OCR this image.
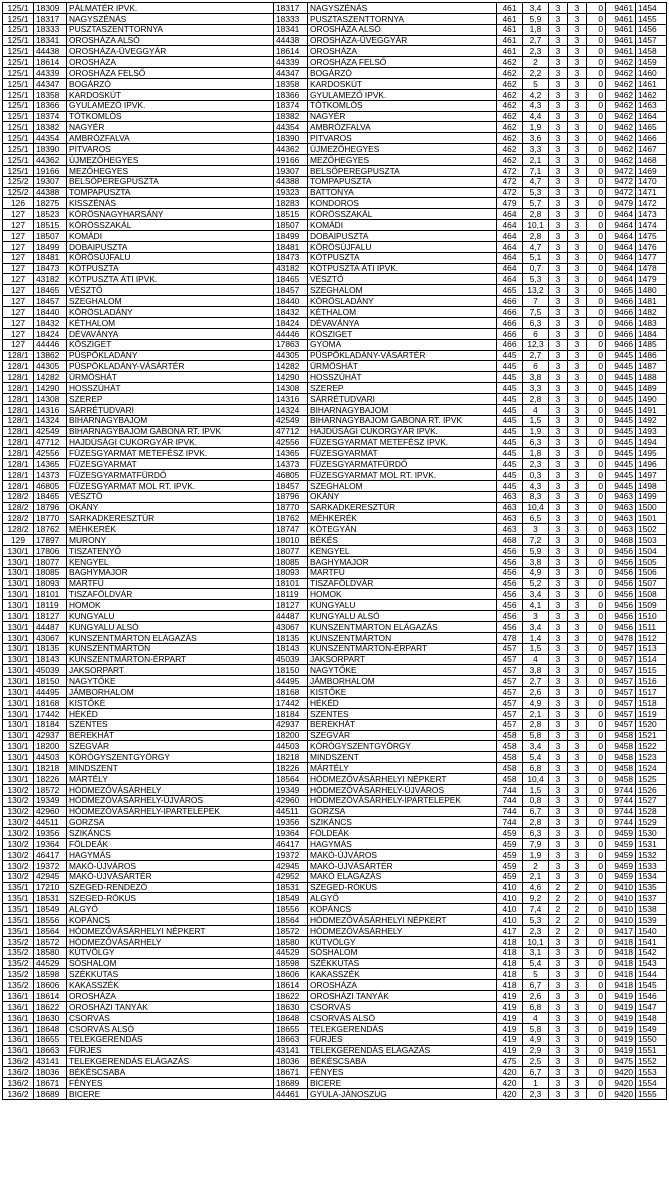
125/1	18309	PÁLMATÉR IPVK.	18317	NAGYSZÉNÁS	461	3,4	3	3	0	9461	1454
125/1	18317	NAGYSZÉNÁS	18333	PUSZTASZENTTORNYA	461	5,9	3	3	0	9461	1455
125/1	18333	PUSZTASZENTTORNYA	18341	OROSHÁZA ALSÓ	461	1,8	3	3	0	9461	1456
125/1	18341	OROSHÁZA ALSÓ	44438	OROSHÁZA-ÜVEGGYÁR	461	2,7	3	3	0	9461	1457
125/1	44438	OROSHÁZA-ÜVEGGYÁR	18614	OROSHÁZA	461	2,3	3	3	0	9461	1458
125/1	18614	OROSHÁZA	44339	OROSHÁZA FELSŐ	462	2	3	3	0	9462	1459
125/1	44339	OROSHÁZA FELSŐ	44347	BOGÁRZÓ	462	2,2	3	3	0	9462	1460
125/1	44347	BOGÁRZÓ	18358	KARDOSKÚT	462	5	3	3	0	9462	1461
125/1	18358	KARDOSKÚT	18366	GYULAMEZŐ IPVK.	462	4,2	3	3	0	9462	1462
125/1	18366	GYULAMEZŐ IPVK.	18374	TÓTKOMLÓS	462	4,3	3	3	0	9462	1463
125/1	18374	TÓTKOMLÓS	18382	NAGYÉR	462	4,4	3	3	0	9462	1464
125/1	18382	NAGYÉR	44354	AMBRÓZFALVA	462	1,9	3	3	0	9462	1465
125/1	44354	AMBRÓZFALVA	18390	PITVAROS	462	3,6	3	3	0	9462	1466
125/1	18390	PITVAROS	44362	ÚJMEZŐHEGYES	462	3,3	3	3	0	9462	1467
125/1	44362	ÚJMEZŐHEGYES	19166	MEZŐHEGYES	462	2,1	3	3	0	9462	1468
125/1	19166	MEZŐHEGYES	19307	BELSŐPEREGPUSZTA	472	7,1	3	3	0	9472	1469
125/2	19307	BELSŐPEREGPUSZTA	44388	TOMPAPUSZTA	472	4,7	3	3	0	9472	1470
125/2	44388	TOMPAPUSZTA	19323	BATTONYA	472	5,3	3	3	0	9472	1471
126	18275	KISSZÉNÁS	18283	KONDOROS	479	5,7	3	3	0	9479	1472
127	18523	KÖRÖSNAGYHARSÁNY	18515	KÖRÖSSZAKÁL	464	2,8	3	3	0	9464	1473
127	18515	KÖRÖSSZAKÁL	18507	KOMÁDI	464	10,1	3	3	0	9464	1474
127	18507	KOMÁDI	18499	DOBAIPUSZTA	464	2,8	3	3	0	9464	1475
127	18499	DOBAIPUSZTA	18481	KÖRÖSÚJFALU	464	4,7	3	3	0	9464	1476
127	18481	KÖRÖSÚJFALU	18473	KÓTPUSZTA	464	5,1	3	3	0	9464	1477
127	18473	KÓTPUSZTA	43182	KÓTPUSZTA ÁTI IPVK.	464	0,7	3	3	0	9464	1478
127	43182	KÓTPUSZTA ÁTI IPVK.	18465	VÉSZTŐ	464	5,3	3	3	0	9464	1479
127	18465	VÉSZTŐ	18457	SZEGHALOM	465	13,2	3	3	0	9465	1480
127	18457	SZEGHALOM	18440	KÖRÖSLADÁNY	466	7	3	3	0	9466	1481
127	18440	KÖRÖSLADÁNY	18432	KÉTHALOM	466	7,5	3	3	0	9466	1482
127	18432	KÉTHALOM	18424	DÉVAVÁNYA	466	6,3	3	3	0	9466	1483
127	18424	DÉVAVÁNYA	44446	KÖSZIGET	466	6	3	3	0	9466	1484
127	44446	KÖSZIGET	17863	GYOMA	466	12,3	3	3	0	9466	1485
128/1	13862	PÜSPÖKLADÁNY	44305	PÜSPÖKLADÁNY-VÁSÁRTÉR	445	2,7	3	3	0	9445	1486
128/1	44305	PÜSPÖKLADÁNY-VÁSÁRTÉR	14282	ÜRMÖSHÁT	445	6	3	3	0	9445	1487
128/1	14282	ÜRMÖSHÁT	14290	HOSSZÚHÁT	445	3,8	3	3	0	9445	1488
128/1	14290	HOSSZÚHÁT	14308	SZEREP	445	3,3	3	3	0	9445	1489
128/1	14308	SZEREP	14316	SÁRRÉTUDVARI	445	2,8	3	3	0	9445	1490
128/1	14316	SÁRRÉTUDVARI	14324	BIHARNAGYBAJOM	445	4	3	3	0	9445	1491
128/1	14324	BIHARNAGYBAJOM	42549	BIHARNAGYBAJOM GABONA RT. IPVK	445	1,5	3	3	0	9445	1492
128/1	42549	BIHARNAGYBAJOM GABONA RT. IPVK	47712	HAJDÚSÁGI CUKORGYÁR IPVK.	445	1,9	3	3	0	9445	1493
128/1	47712	HAJDÚSÁGI CUKORGYÁR IPVK.	42556	FÜZESGYARMAT METEFÉSZ IPVK.	445	6,3	3	3	0	9445	1494
128/1	42556	FÜZESGYARMAT METEFÉSZ IPVK.	14365	FÜZESGYARMAT	445	1,8	3	3	0	9445	1495
128/1	14365	FÜZESGYARMAT	14373	FÜZESGYARMATFÜRDŐ	445	2,3	3	3	0	9445	1496
128/1	14373	FÜZESGYARMATFÜRDŐ	46805	FÜZESGYARMAT MOL RT. IPVK.	445	0,3	3	3	0	9445	1497
128/1	46805	FÜZESGYARMAT MOL RT. IPVK.	18457	SZEGHALOM	445	4,3	3	3	0	9445	1498
128/2	18465	VÉSZTŐ	18796	OKÁNY	463	8,3	3	3	0	9463	1499
128/2	18796	OKÁNY	18770	SARKADKERESZTÚR	463	10,4	3	3	0	9463	1500
128/2	18770	SARKADKERESZTÚR	18762	MÉHKERÉK	463	6,5	3	3	0	9463	1501
128/2	18762	MÉHKERÉK	18747	KÖTEGYÁN	463	3	3	3	0	9463	1502
129	17897	MURONY	18010	BÉKÉS	468	7,2	3	3	0	9468	1503
130/1	17806	TISZATENYŐ	18077	KENGYEL	456	5,9	3	3	0	9456	1504
130/1	18077	KENGYEL	18085	BAGHYMAJOR	456	3,8	3	3	0	9456	1505
130/1	18085	BAGHYMAJOR	18093	MARTFŰ	456	4,9	3	3	0	9456	1506
130/1	18093	MARTFŰ	18101	TISZAFÖLDVÁR	456	5,2	3	3	0	9456	1507
130/1	18101	TISZAFÖLDVÁR	18119	HOMOK	456	3,4	3	3	0	9456	1508
130/1	18119	HOMOK	18127	KUNGYALU	456	4,1	3	3	0	9456	1509
130/1	18127	KUNGYALU	44487	KUNGYALU ALSÓ	456	3	3	3	0	9456	1510
130/1	44487	KUNGYALU ALSÓ	43067	KUNSZENTMÁRTON ELÁGAZÁS	456	3,4	3	3	0	9456	1511
130/1	43067	KUNSZENTMÁRTON ELÁGAZÁS	18135	KUNSZENTMÁRTON	478	1,4	3	3	0	9478	1512
130/1	18135	KUNSZENTMÁRTON	18143	KUNSZENTMÁRTON-ÉRPART	457	1,5	3	3	0	9457	1513
130/1	18143	KUNSZENTMÁRTON-ÉRPART	45039	JAKSORPART	457	4	3	3	0	9457	1514
130/1	45039	JAKSORPART	18150	NAGYTŐKE	457	3,8	3	3	0	9457	1515
130/1	18150	NAGYTŐKE	44495	JÁMBORHALOM	457	2,7	3	3	0	9457	1516
130/1	44495	JÁMBORHALOM	18168	KISTŐKE	457	2,6	3	3	0	9457	1517
130/1	18168	KISTŐKE	17442	HÉKÉD	457	4,9	3	3	0	9457	1518
130/1	17442	HÉKÉD	18184	SZENTES	457	2,1	3	3	0	9457	1519
130/1	18184	SZENTES	42937	BEREKHÁT	457	2,8	3	3	0	9457	1520
130/1	42937	BEREKHÁT	18200	SZEGVÁR	458	5,8	3	3	0	9458	1521
130/1	18200	SZEGVÁR	44503	KÓRÓGYSZENTGYÖRGY	458	3,4	3	3	0	9458	1522
130/1	44503	KÓRÓGYSZENTGYÖRGY	18218	MINDSZENT	458	5,4	3	3	0	9458	1523
130/1	18218	MINDSZENT	18226	MÁRTÉLY	458	6,8	3	3	0	9458	1524
130/1	18226	MÁRTÉLY	18564	HÓDMEZŐVÁSÁRHELYI NÉPKERT	458	10,4	3	3	0	9458	1525
130/2	18572	HÓDMEZŐVÁSÁRHELY	19349	HÓDMEZŐVÁSÁRHELY-ÚJVÁROS	744	1,5	3	3	0	9744	1526
130/2	19349	HÓDMEZŐVÁSÁRHELY-ÚJVÁROS	42960	HÓDMEZŐVÁSÁRHELY-IPARTELEPEK	744	0,8	3	3	0	9744	1527
130/2	42960	HÓDMEZŐVÁSÁRHELY-IPARTELEPEK	44511	GORZSA	744	6,7	3	3	0	9744	1528
130/2	44511	GORZSA	19356	SZIKÁNCS	744	2,8	3	3	0	9744	1529
130/2	19356	SZIKÁNCS	19364	FÖLDEÁK	459	6,3	3	3	0	9459	1530
130/2	19364	FÖLDEÁK	46417	HAGYMÁS	459	7,9	3	3	0	9459	1531
130/2	46417	HAGYMÁS	19372	MAKÓ-ÚJVÁROS	459	1,9	3	3	0	9459	1532
130/2	19372	MAKÓ-ÚJVÁROS	42945	MAKÓ-ÚJVÁSÁRTÉR	459	2	3	3	0	9459	1533
130/2	42945	MAKÓ-ÚJVÁSÁRTÉR	42952	MAKÓ ELÁGAZÁS	459	2,1	3	3	0	9459	1534
135/1	17210	SZEGED-RENDEZŐ	18531	SZEGED-RÓKUS	410	4,6	2	2	0	9410	1535
135/1	18531	SZEGED-RÓKUS	18549	ALGYŐ	410	9,2	2	2	0	9410	1537
135/1	18549	ALGYŐ	18556	KOPÁNCS	410	7,4	2	2	0	9410	1538
135/1	18556	KOPÁNCS	18564	HÓDMEZŐVÁSÁRHELYI NÉPKERT	410	5,3	2	2	0	9410	1539
135/1	18564	HÓDMEZŐVÁSÁRHELYI NÉPKERT	18572	HÓDMEZŐVÁSÁRHELY	417	2,3	2	2	0	9417	1540
135/2	18572	HÓDMEZŐVÁSÁRHELY	18580	KÚTVÖLGY	418	10,1	3	3	0	9418	1541
135/2	18580	KÚTVÖLGY	44529	SÓSHALOM	418	3,1	3	3	0	9418	1542
135/2	44529	SÓSHALOM	18598	SZÉKKUTAS	418	5,4	3	3	0	9418	1543
135/2	18598	SZÉKKUTAS	18606	KAKASSZÉK	418	5	3	3	0	9418	1544
135/2	18606	KAKASSZÉK	18614	OROSHÁZA	418	6,7	3	3	0	9418	1545
136/1	18614	OROSHÁZA	18622	OROSHÁZI TANYÁK	419	2,6	3	3	0	9419	1546
136/1	18622	OROSHÁZI TANYÁK	18630	CSORVÁS	419	6,8	3	3	0	9419	1547
136/1	18630	CSORVÁS	18648	CSORVÁS ALSÓ	419	4	3	3	0	9419	1548
136/1	18648	CSORVÁS ALSÓ	18655	TELEKGERENDÁS	419	5,8	3	3	0	9419	1549
136/1	18655	TELEKGERENDÁS	18663	FÜRJES	419	4,9	3	3	0	9419	1550
136/1	18663	FÜRJES	43141	TELEKGERENDÁS ELÁGAZÁS	419	2,9	3	3	0	9419	1551
136/2	43141	TELEKGERENDÁS ELÁGAZÁS	18036	BÉKÉSCSABA	475	2,5	3	3	0	9475	1552
136/2	18036	BÉKÉSCSABA	18671	FÉNYES	420	6,7	3	3	0	9420	1553
136/2	18671	FÉNYES	18689	BICERE	420	1	3	3	0	9420	1554
136/2	18689	BICERE	44461	GYULA-JÁNOSZUG	420	2,3	3	3	0	9420	1555
